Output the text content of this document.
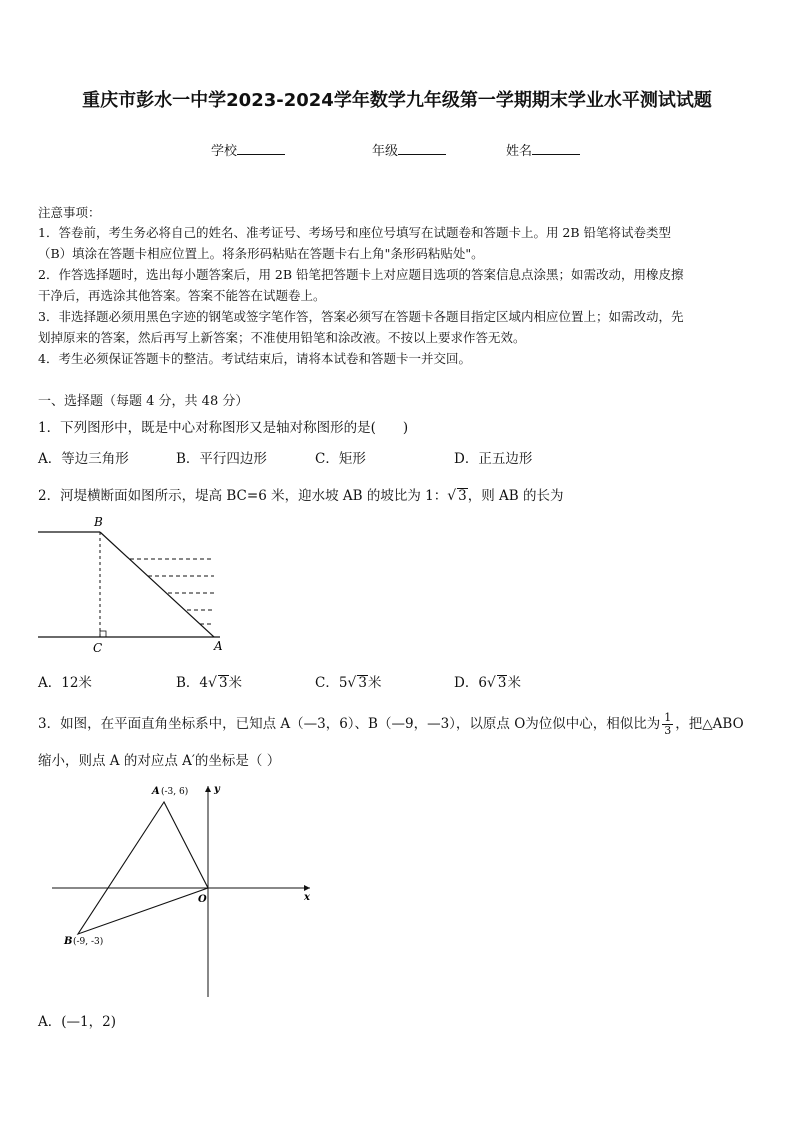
重庆市彭水一中学2023-2024学年数学九年级第一学期期末学业水平测试试题
学校	年级	姓名
注意事项：
1．答卷前，考生务必将自己的姓名、准考证号、考场号和座位号填写在试题卷和答题卡上。用 2B 铅笔将试卷类型
（B）填涂在答题卡相应位置上。将条形码粘贴在答题卡右上角"条形码粘贴处"。
2．作答选择题时，选出每小题答案后，用 2B 铅笔把答题卡上对应题目选项的答案信息点涂黑；如需改动，用橡皮擦
干净后，再选涂其他答案。答案不能答在试题卷上。
3．非选择题必须用黑色字迹的钢笔或签字笔作答，答案必须写在答题卡各题目指定区域内相应位置上；如需改动，先
划掉原来的答案，然后再写上新答案；不准使用铅笔和涂改液。不按以上要求作答无效。
4．考生必须保证答题卡的整洁。考试结束后，请将本试卷和答题卡一并交回。
一、选择题（每题 4 分，共 48 分）
1．下列图形中，既是中心对称图形又是轴对称图形的是(　　)
A．等边三角形	B．平行四边形	C．矩形	D．正五边形
2．河堤横断面如图所示，堤高 BC=6 米，迎水坡 AB 的坡比为 1：√ 3，则 AB 的长为
B
C	A
A．12米	B．4√ 3米	C．5√ 3米	D．6√ 3米
3．如图，在平面直角坐标系中，已知点 A（—3，6）、B（—9，—3），以原点 O为位似中心，相似比为 $\frac{1}{3}$ ，把△ABO
缩小，则点 A 的对应点 A′的坐标是（ ）
A (-3, 6)
B (-9, -3)
O	x
y
A．(—1，2)
